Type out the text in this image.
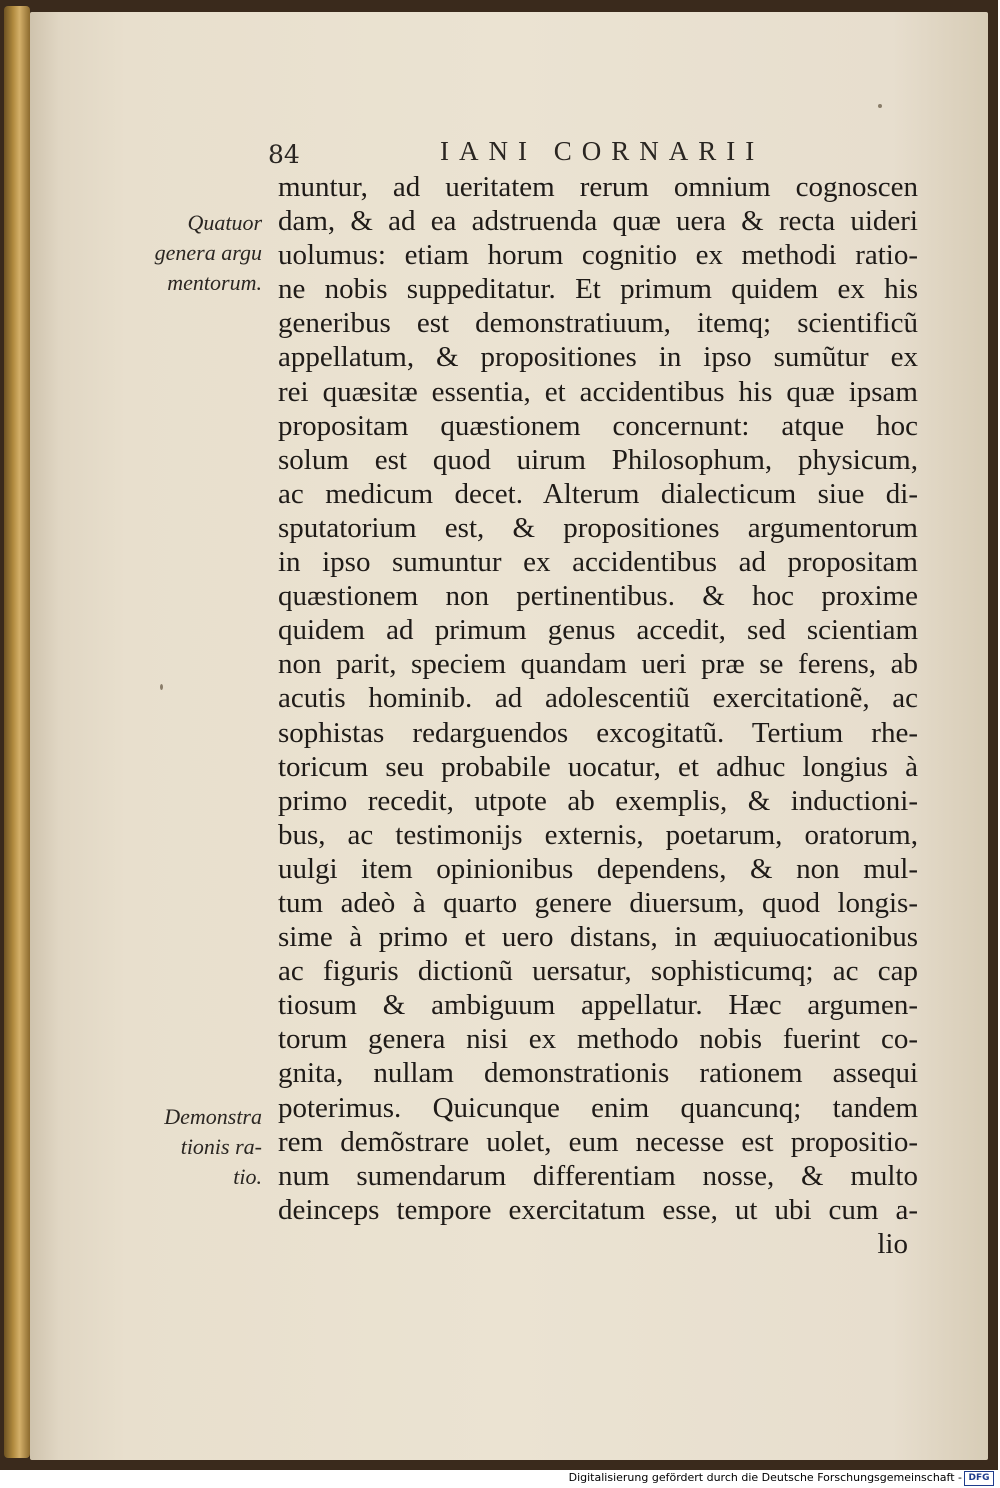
84	IANI CORNARII
Quatuor
genera argu
mentorum.
Demonstra
tionis ra-
tio.
muntur, ad ueritatem rerum omnium cognoscen
dam, & ad ea adstruenda quæ uera & recta uideri
uolumus: etiam horum cognitio ex methodi ratio-
ne nobis suppeditatur. Et primum quidem ex his
generibus est demonstratiuum, itemq; scientificũ
appellatum, & propositiones in ipso sumũtur ex
rei quæsitæ essentia, et accidentibus his quæ ipsam
propositam quæstionem concernunt: atque hoc
solum est quod uirum Philosophum, physicum,
ac medicum decet. Alterum dialecticum siue di-
sputatorium est, & propositiones argumentorum
in ipso sumuntur ex accidentibus ad propositam
quæstionem non pertinentibus. & hoc proxime
quidem ad primum genus accedit, sed scientiam
non parit, speciem quandam ueri præ se ferens, ab
acutis hominib. ad adolescentiũ exercitationẽ, ac
sophistas redarguendos excogitatũ. Tertium rhe-
toricum seu probabile uocatur, et adhuc longius à
primo recedit, utpote ab exemplis, & inductioni-
bus, ac testimonijs externis, poetarum, oratorum,
uulgi item opinionibus dependens, & non mul-
tum adeò à quarto genere diuersum, quod longis-
sime à primo et uero distans, in æquiuocationibus
ac figuris dictionũ uersatur, sophisticumq; ac cap
tiosum & ambiguum appellatur. Hæc argumen-
torum genera nisi ex methodo nobis fuerint co-
gnita, nullam demonstrationis rationem assequi
poterimus. Quicunque enim quancunq; tandem
rem demõstrare uolet, eum necesse est propositio-
num sumendarum differentiam nosse, & multo
deinceps tempore exercitatum esse, ut ubi cum a-
lio
Digitalisierung gefördert durch die Deutsche Forschungsgemeinschaft - DFG
